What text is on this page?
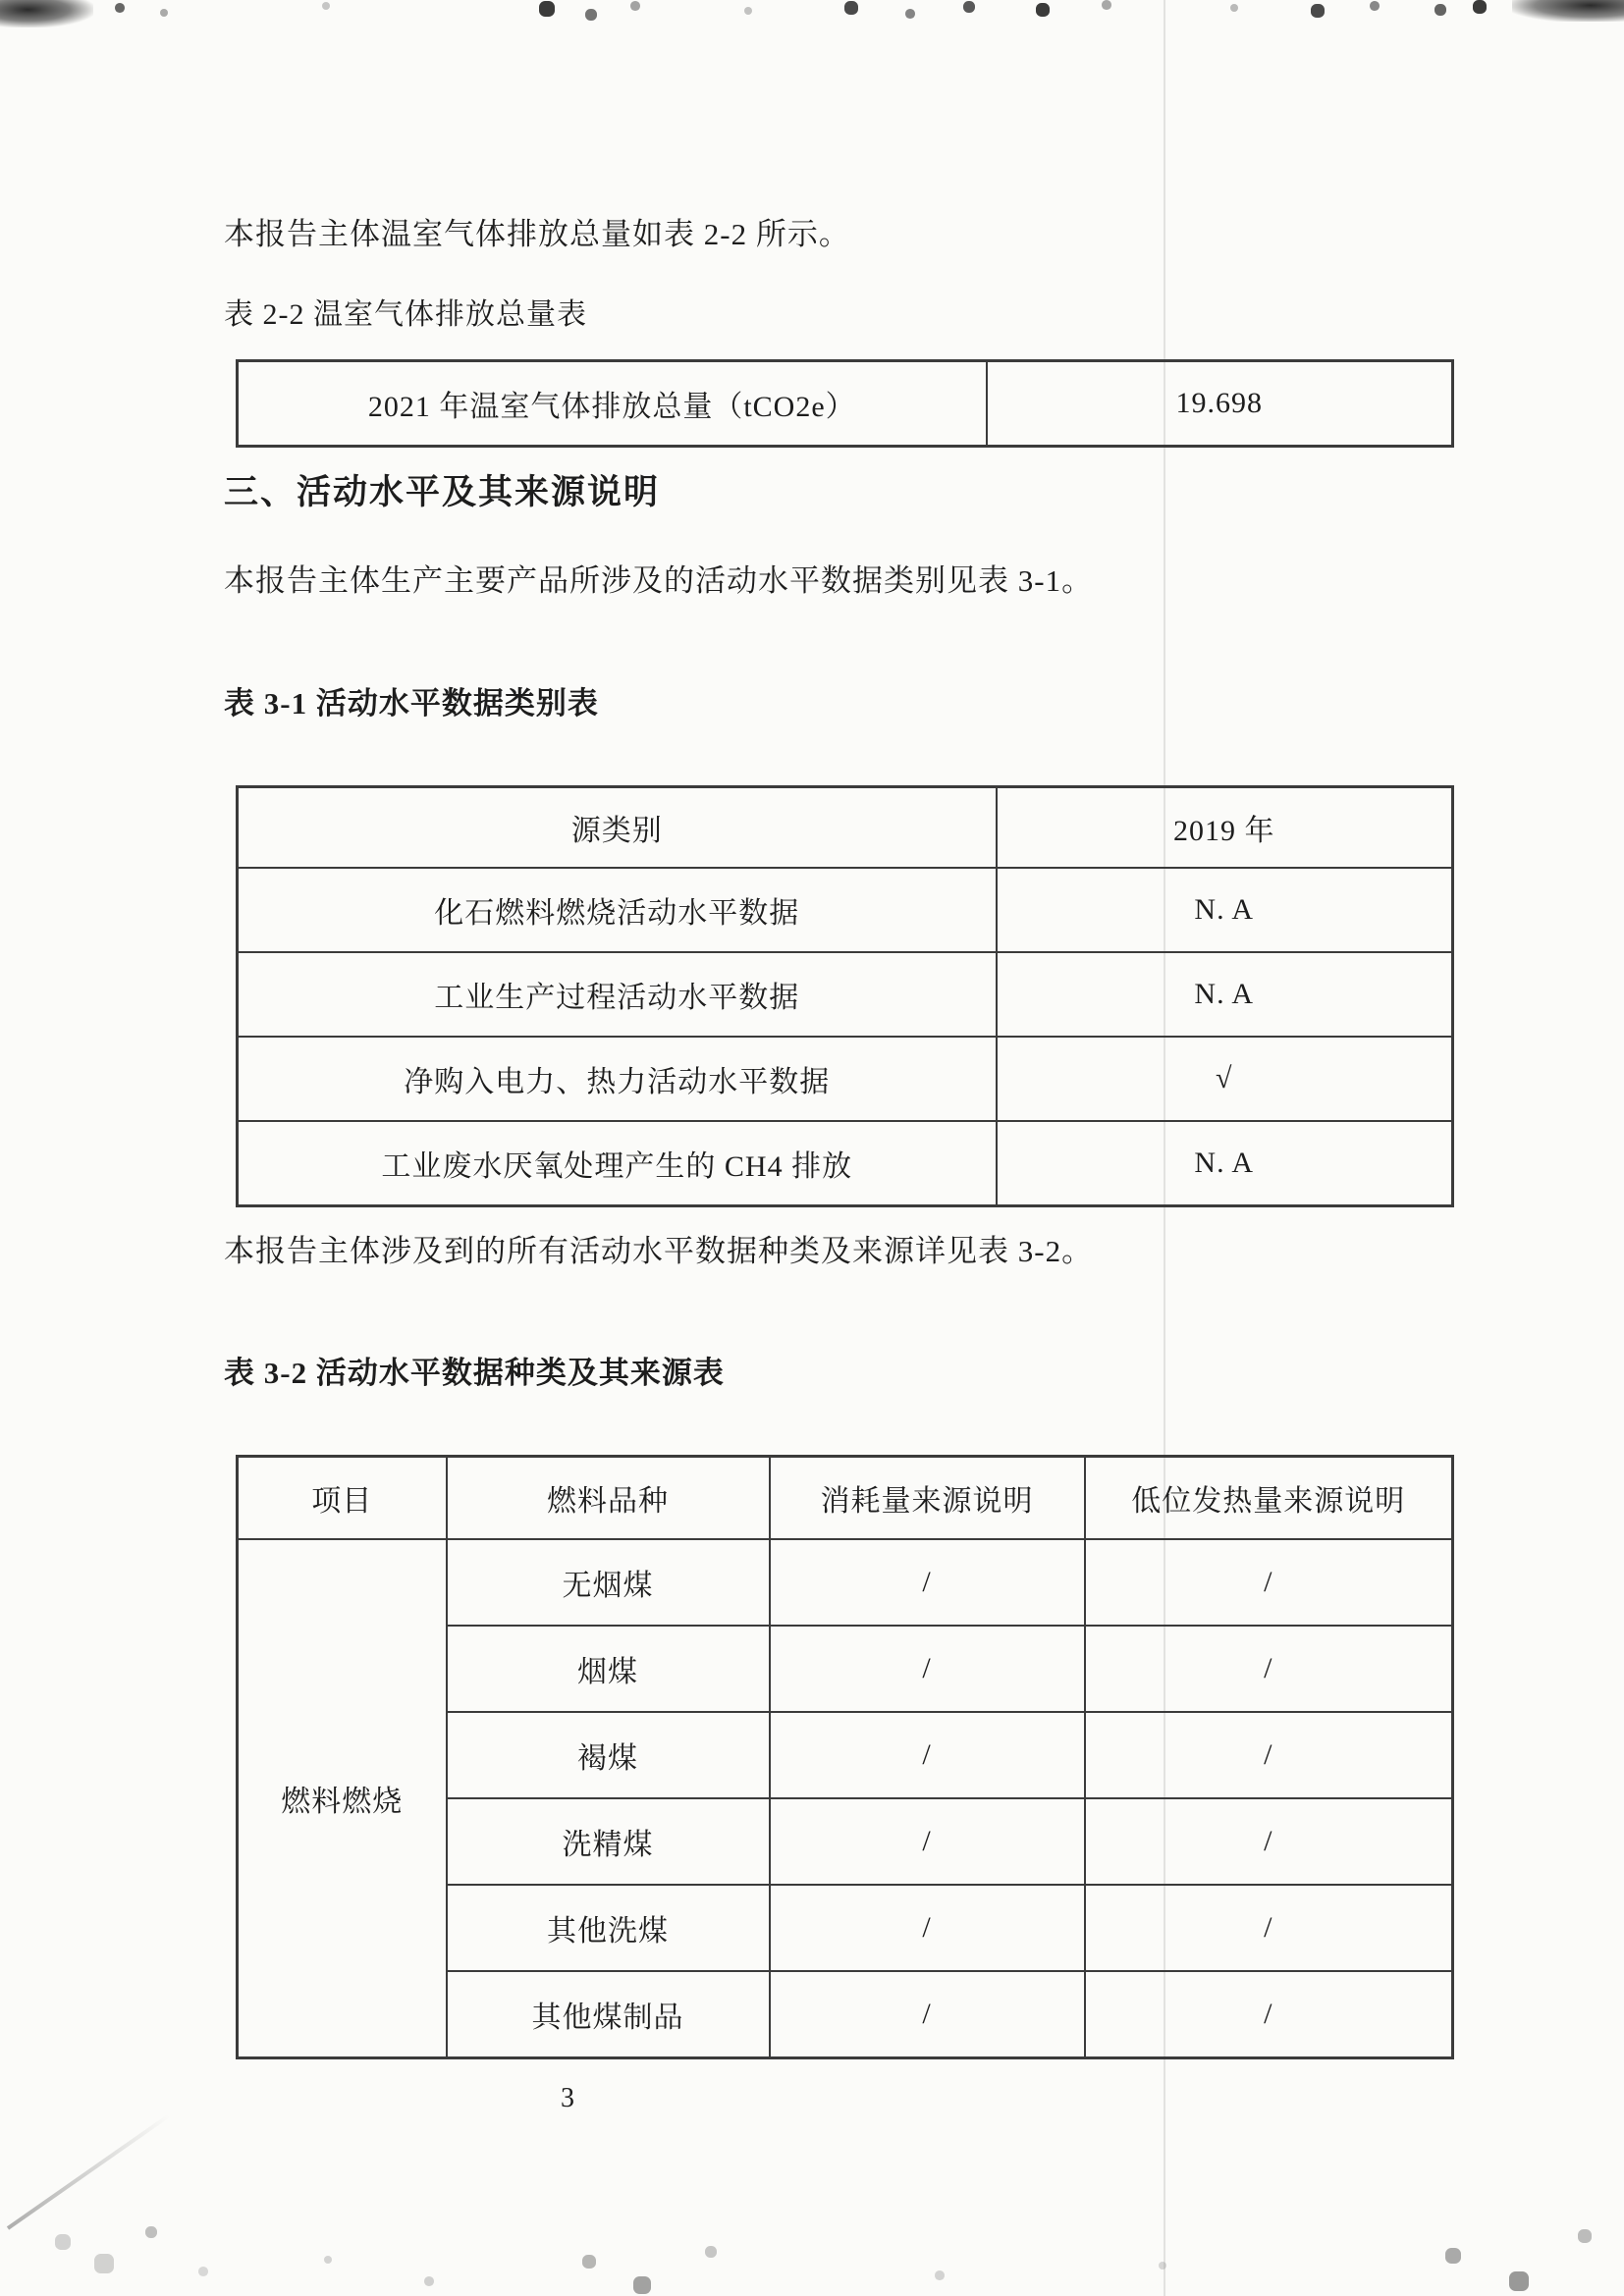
本报告主体温室气体排放总量如表 2-2 所示。

表 2-2 温室气体排放总量表

2021 年温室气体排放总量（tCO2e）	19.698
三、活动水平及其来源说明

本报告主体生产主要产品所涉及的活动水平数据类别见表 3-1。

表 3-1 活动水平数据类别表

源类别	2019 年
化石燃料燃烧活动水平数据	N. A
工业生产过程活动水平数据	N. A
净购入电力、热力活动水平数据	√
工业废水厌氧处理产生的 CH4 排放	N. A

本报告主体涉及到的所有活动水平数据种类及来源详见表 3-2。

表 3-2 活动水平数据种类及其来源表

项目	燃料品种	消耗量来源说明	低位发热量来源说明
燃料燃烧	无烟煤	/	/
	烟煤	/	/
	褐煤	/	/
	洗精煤	/	/
	其他洗煤	/	/
	其他煤制品	/	/

3
